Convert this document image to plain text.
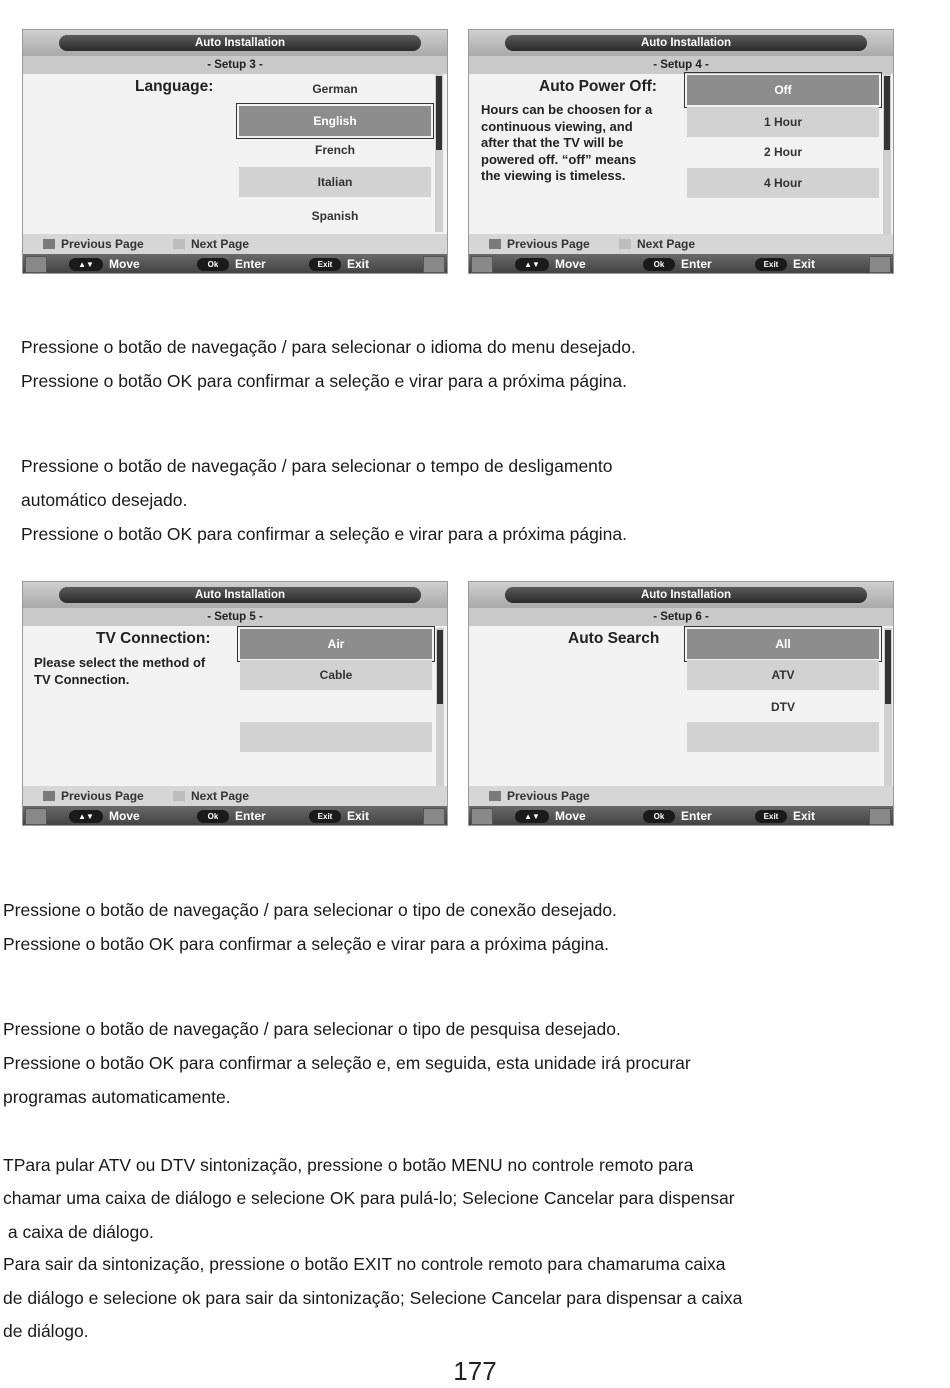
Auto Installation
- Setup 3 -
Language:	German
English
French
Italian
Spanish
Previous Page	Next Page
▲▼	Move	Ok	Enter	Exit	Exit
Auto Installation
- Setup 4 -
Auto Power Off:
Hours can be choosen for a
continuous viewing, and
after that the TV will be
powered off. “off” means
the viewing is timeless.
Off
1 Hour
2 Hour
4 Hour
Previous Page	Next Page
▲▼	Move	Ok	Enter	Exit	Exit
Pressione o botão de navegação / para selecionar o idioma do menu desejado.
Pressione o botão OK para confirmar a seleção e virar para a próxima página.
Pressione o botão de navegação / para selecionar o tempo de desligamento
automático desejado.
Pressione o botão OK para confirmar a seleção e virar para a próxima página.
Auto Installation
- Setup 5 -
TV Connection:
Please select the method of
TV Connection.
Air
Cable
Previous Page	Next Page
▲▼	Move	Ok	Enter	Exit	Exit
Auto Installation
- Setup 6 -
Auto Search	All
ATV
DTV
Previous Page
▲▼	Move	Ok	Enter	Exit	Exit
Pressione o botão de navegação / para selecionar o tipo de conexão desejado.
Pressione o botão OK para confirmar a seleção e virar para a próxima página.
Pressione o botão de navegação / para selecionar o tipo de pesquisa desejado.
Pressione o botão OK para confirmar a seleção e, em seguida, esta unidade irá procurar
programas automaticamente.
TPara pular ATV ou DTV sintonização, pressione o botão MENU no controle remoto para
chamar uma caixa de diálogo e selecione OK para pulá-lo; Selecione Cancelar para dispensar
a caixa de diálogo.
Para sair da sintonização, pressione o botão EXIT no controle remoto para chamaruma caixa
de diálogo e selecione ok para sair da sintonização; Selecione Cancelar para dispensar a caixa
de diálogo.
177
